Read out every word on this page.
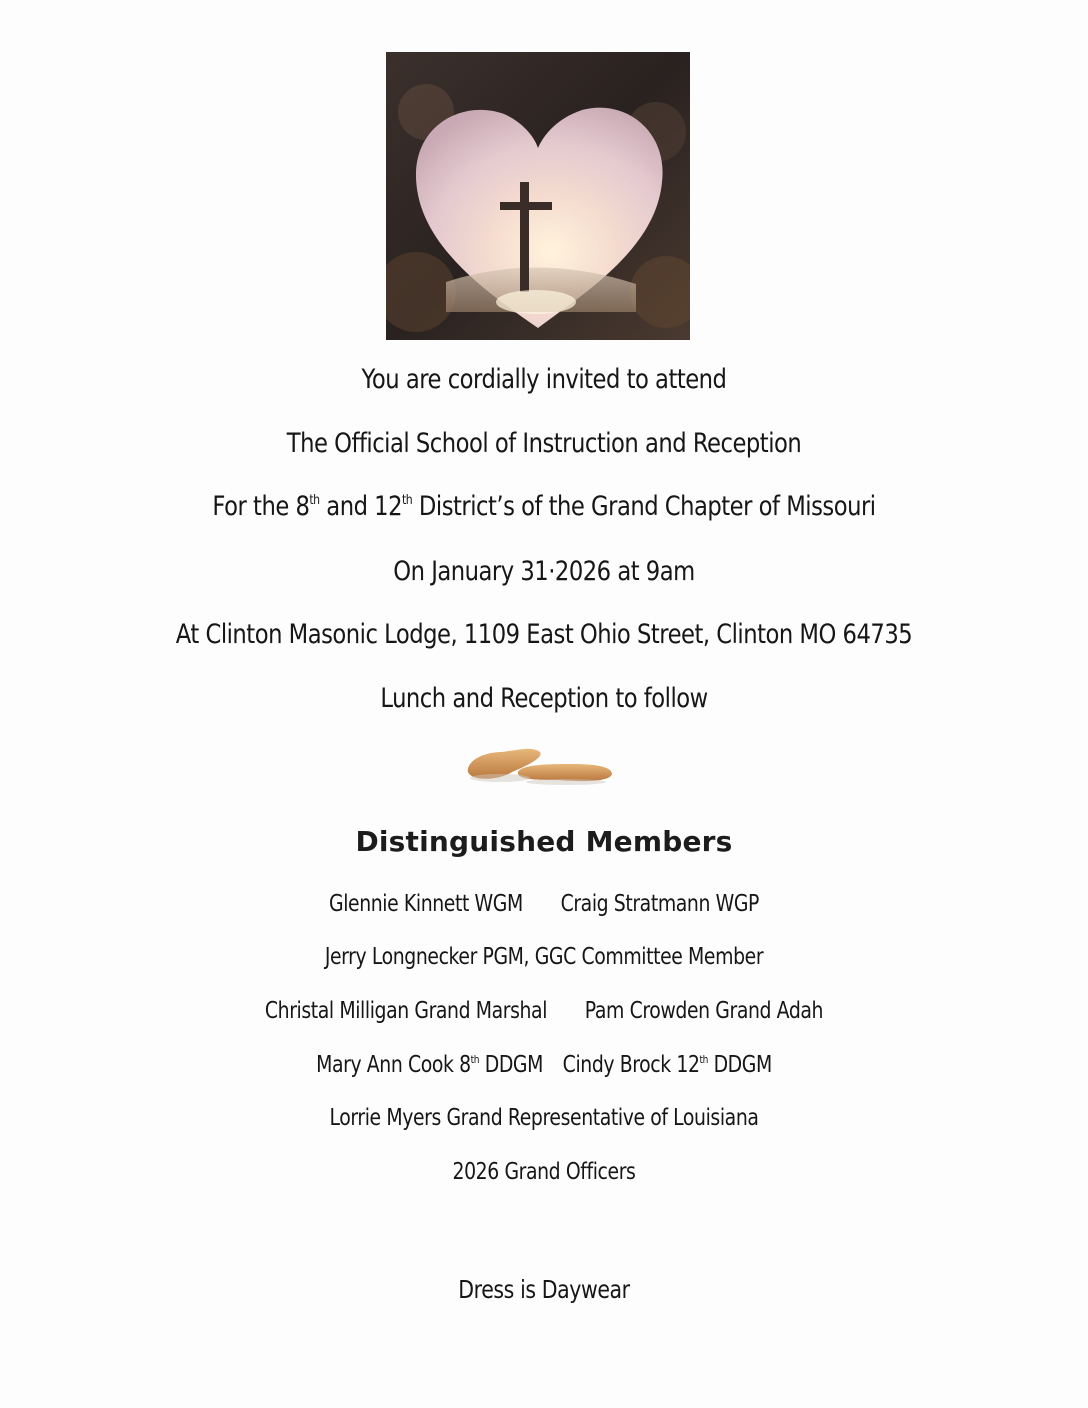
You are cordially invited to attend
The Official School of Instruction and Reception
For the 8th and 12th District’s of the Grand Chapter of Missouri
On January 31·2026 at 9am
At Clinton Masonic Lodge, 1109 East Ohio Street, Clinton MO 64735
Lunch and Reception to follow
Distinguished Members
Glennie Kinnett WGM Craig Stratmann WGP
Jerry Longnecker PGM, GGC Committee Member
Christal Milligan Grand Marshal Pam Crowden Grand Adah
Mary Ann Cook 8th DDGM Cindy Brock 12th DDGM
Lorrie Myers Grand Representative of Louisiana
2026 Grand Officers
Dress is Daywear
